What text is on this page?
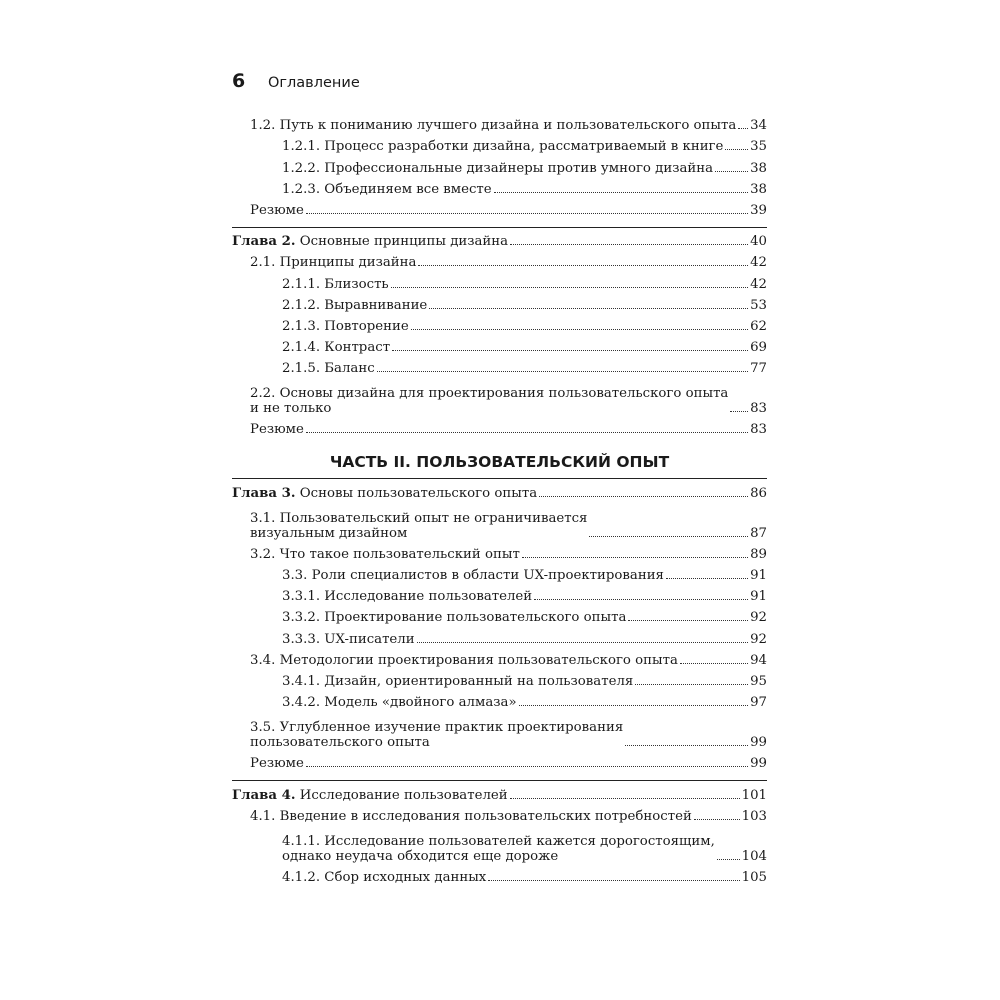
6	Оглавление
1.2. Путь к пониманию лучшего дизайна и пользовательского опыта 34
1.2.1. Процесс разработки дизайна, рассматриваемый в книге 35
1.2.2. Профессиональные дизайнеры против умного дизайна	38
1.2.3. Объединяем все вместе	38
Резюме	39
Глава 2. Основные принципы дизайна	40
2.1. Принципы дизайна	42
2.1.1. Близость	42
2.1.2. Выравнивание	53
2.1.3. Повторение	62
2.1.4. Контраст	69
2.1.5. Баланс	77
2.2. Основы дизайна для проектирования пользовательского опыта
и не только	83
Резюме	83
ЧАСТЬ II. ПОЛЬЗОВАТЕЛЬСКИЙ ОПЫТ
Глава 3. Основы пользовательского опыта	86
3.1. Пользовательский опыт не ограничивается
визуальным дизайном	87
3.2. Что такое пользовательский опыт	89
3.3. Роли специалистов в области UX-проектирования	91
3.3.1. Исследование пользователей	91
3.3.2. Проектирование пользовательского опыта	92
3.3.3. UX-писатели	92
3.4. Методологии проектирования пользовательского опыта	94
3.4.1. Дизайн, ориентированный на пользователя	95
3.4.2. Модель «двойного алмаза»	97
3.5. Углубленное изучение практик проектирования
пользовательского опыта	99
Резюме	99
Глава 4. Исследование пользователей	101
4.1. Введение в исследования пользовательских потребностей	103
4.1.1. Исследование пользователей кажется дорогостоящим,
однако неудача обходится еще дороже	104
4.1.2. Сбор исходных данных	105
